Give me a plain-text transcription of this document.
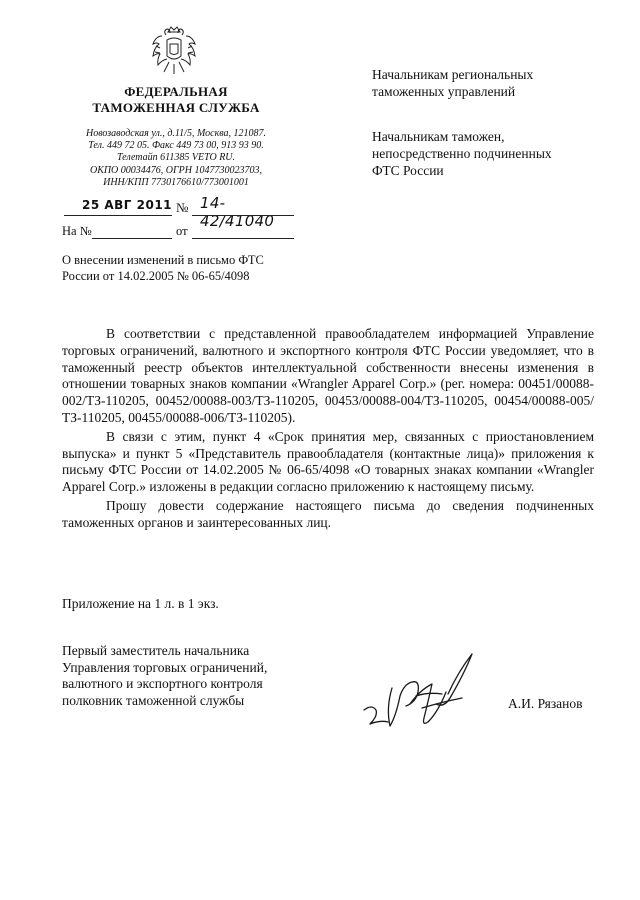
ФЕДЕРАЛЬНАЯ
ТАМОЖЕННАЯ СЛУЖБА
Новозаводская ул., д.11/5, Москва, 121087.
Тел. 449 72 05. Факс 449 73 00, 913 93 90.
Телетайп 611385 VETO RU.
ОКПО 00034476, ОГРН 1047730023703,
ИНН/КПП 7730176610/773001001
Начальникам региональных
таможенных управлений
Начальникам таможен,
непосредственно подчиненных
ФТС России
25 АВГ 2011 № 14-42/41040
На №	от
О внесении изменений в письмо ФТС
России от 14.02.2005 № 06-65/4098

В соответствии с представленной правообладателем информацией Управление торговых ограничений, валютного и экспортного контроля ФТС России уведомляет, что в таможенный реестр объектов интеллектуальной собственности внесены изменения в отношении товарных знаков компании «Wrangler Apparel Corp.» (рег. номера: 00451/00088-002/ТЗ-110205, 00452/00088-003/ТЗ-110205, 00453/00088-004/ТЗ-110205, 00454/00088-005/ТЗ-110205, 00455/00088-006/ТЗ-110205).

В связи с этим, пункт 4 «Срок принятия мер, связанных с приостановлением выпуска» и пункт 5 «Представитель правообладателя (контактные лица)» приложения к письму ФТС России от 14.02.2005 № 06-65/4098 «О товарных знаках компании «Wrangler Apparel Corp.» изложены в редакции согласно приложению к настоящему письму.

Прошу довести содержание настоящего письма до сведения подчиненных таможенных органов и заинтересованных лиц.

Приложение на 1 л. в 1 экз.
Первый заместитель начальника
Управления торговых ограничений,
валютного и экспортного контроля
полковник таможенной службы	А.И. Рязанов
